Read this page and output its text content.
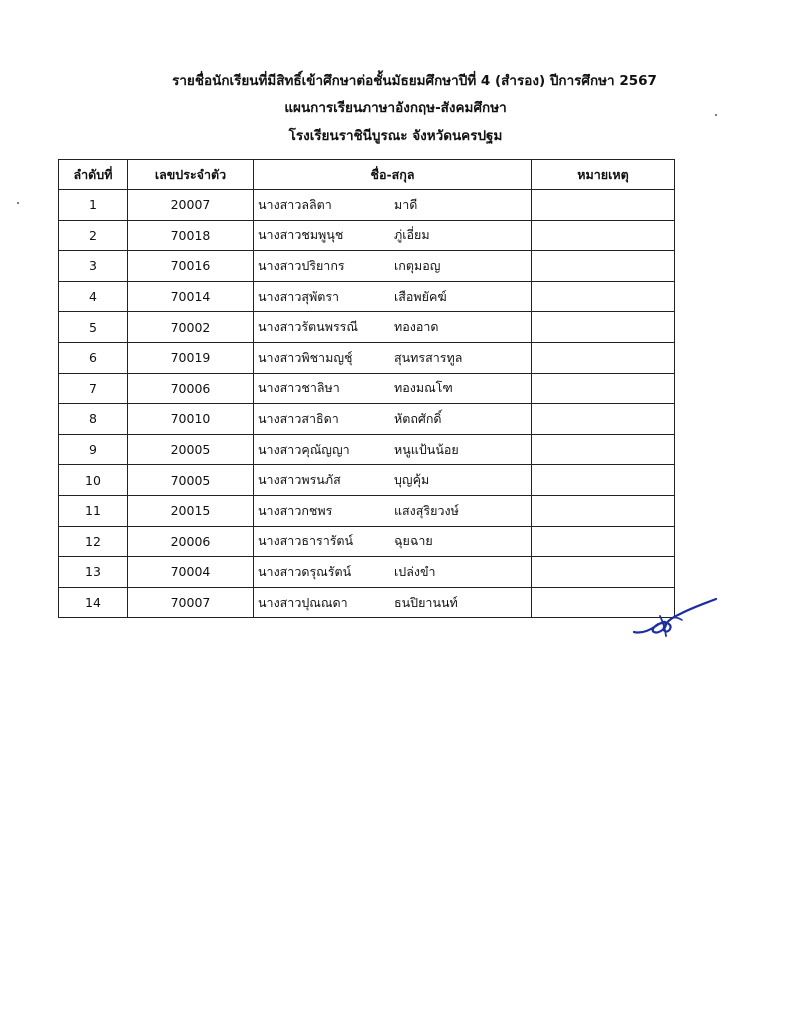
รายชื่อนักเรียนที่มีสิทธิ์เข้าศึกษาต่อชั้นมัธยมศึกษาปีที่ 4 (สำรอง) ปีการศึกษา 2567
แผนการเรียนภาษาอังกฤษ-สังคมศึกษา
โรงเรียนราชินีบูรณะ จังหวัดนครปฐม
ลำดับที่	เลขประจำตัว	ชื่อ-สกุล	หมายเหตุ
1	20007	นางสาวลลิตา มาดี	
2	70018	นางสาวชมพูนุช ภู่เอี่ยม	
3	70016	นางสาวปริยากร เกตุมอญ	
4	70014	นางสาวสุพัตรา เสือพยัคฆ์	
5	70002	นางสาวรัตนพรรณี ทองอาด	
6	70019	นางสาวพิชามญชุ์ สุนทรสารทูล	
7	70006	นางสาวชาลิษา ทองมณโฑ	
8	70010	นางสาวสาธิดา หัตถศักดิ์	
9	20005	นางสาวคุณัญญา หนูแป้นน้อย	
10	70005	นางสาวพรนภัส บุญคุ้ม	
11	20015	นางสาวกชพร แสงสุริยวงษ์	
12	20006	นางสาวธารารัตน์ ฉุยฉาย	
13	70004	นางสาวดรุณรัตน์ เปล่งขำ	
14	70007	นางสาวปุณณดา ธนปิยานนท์	
